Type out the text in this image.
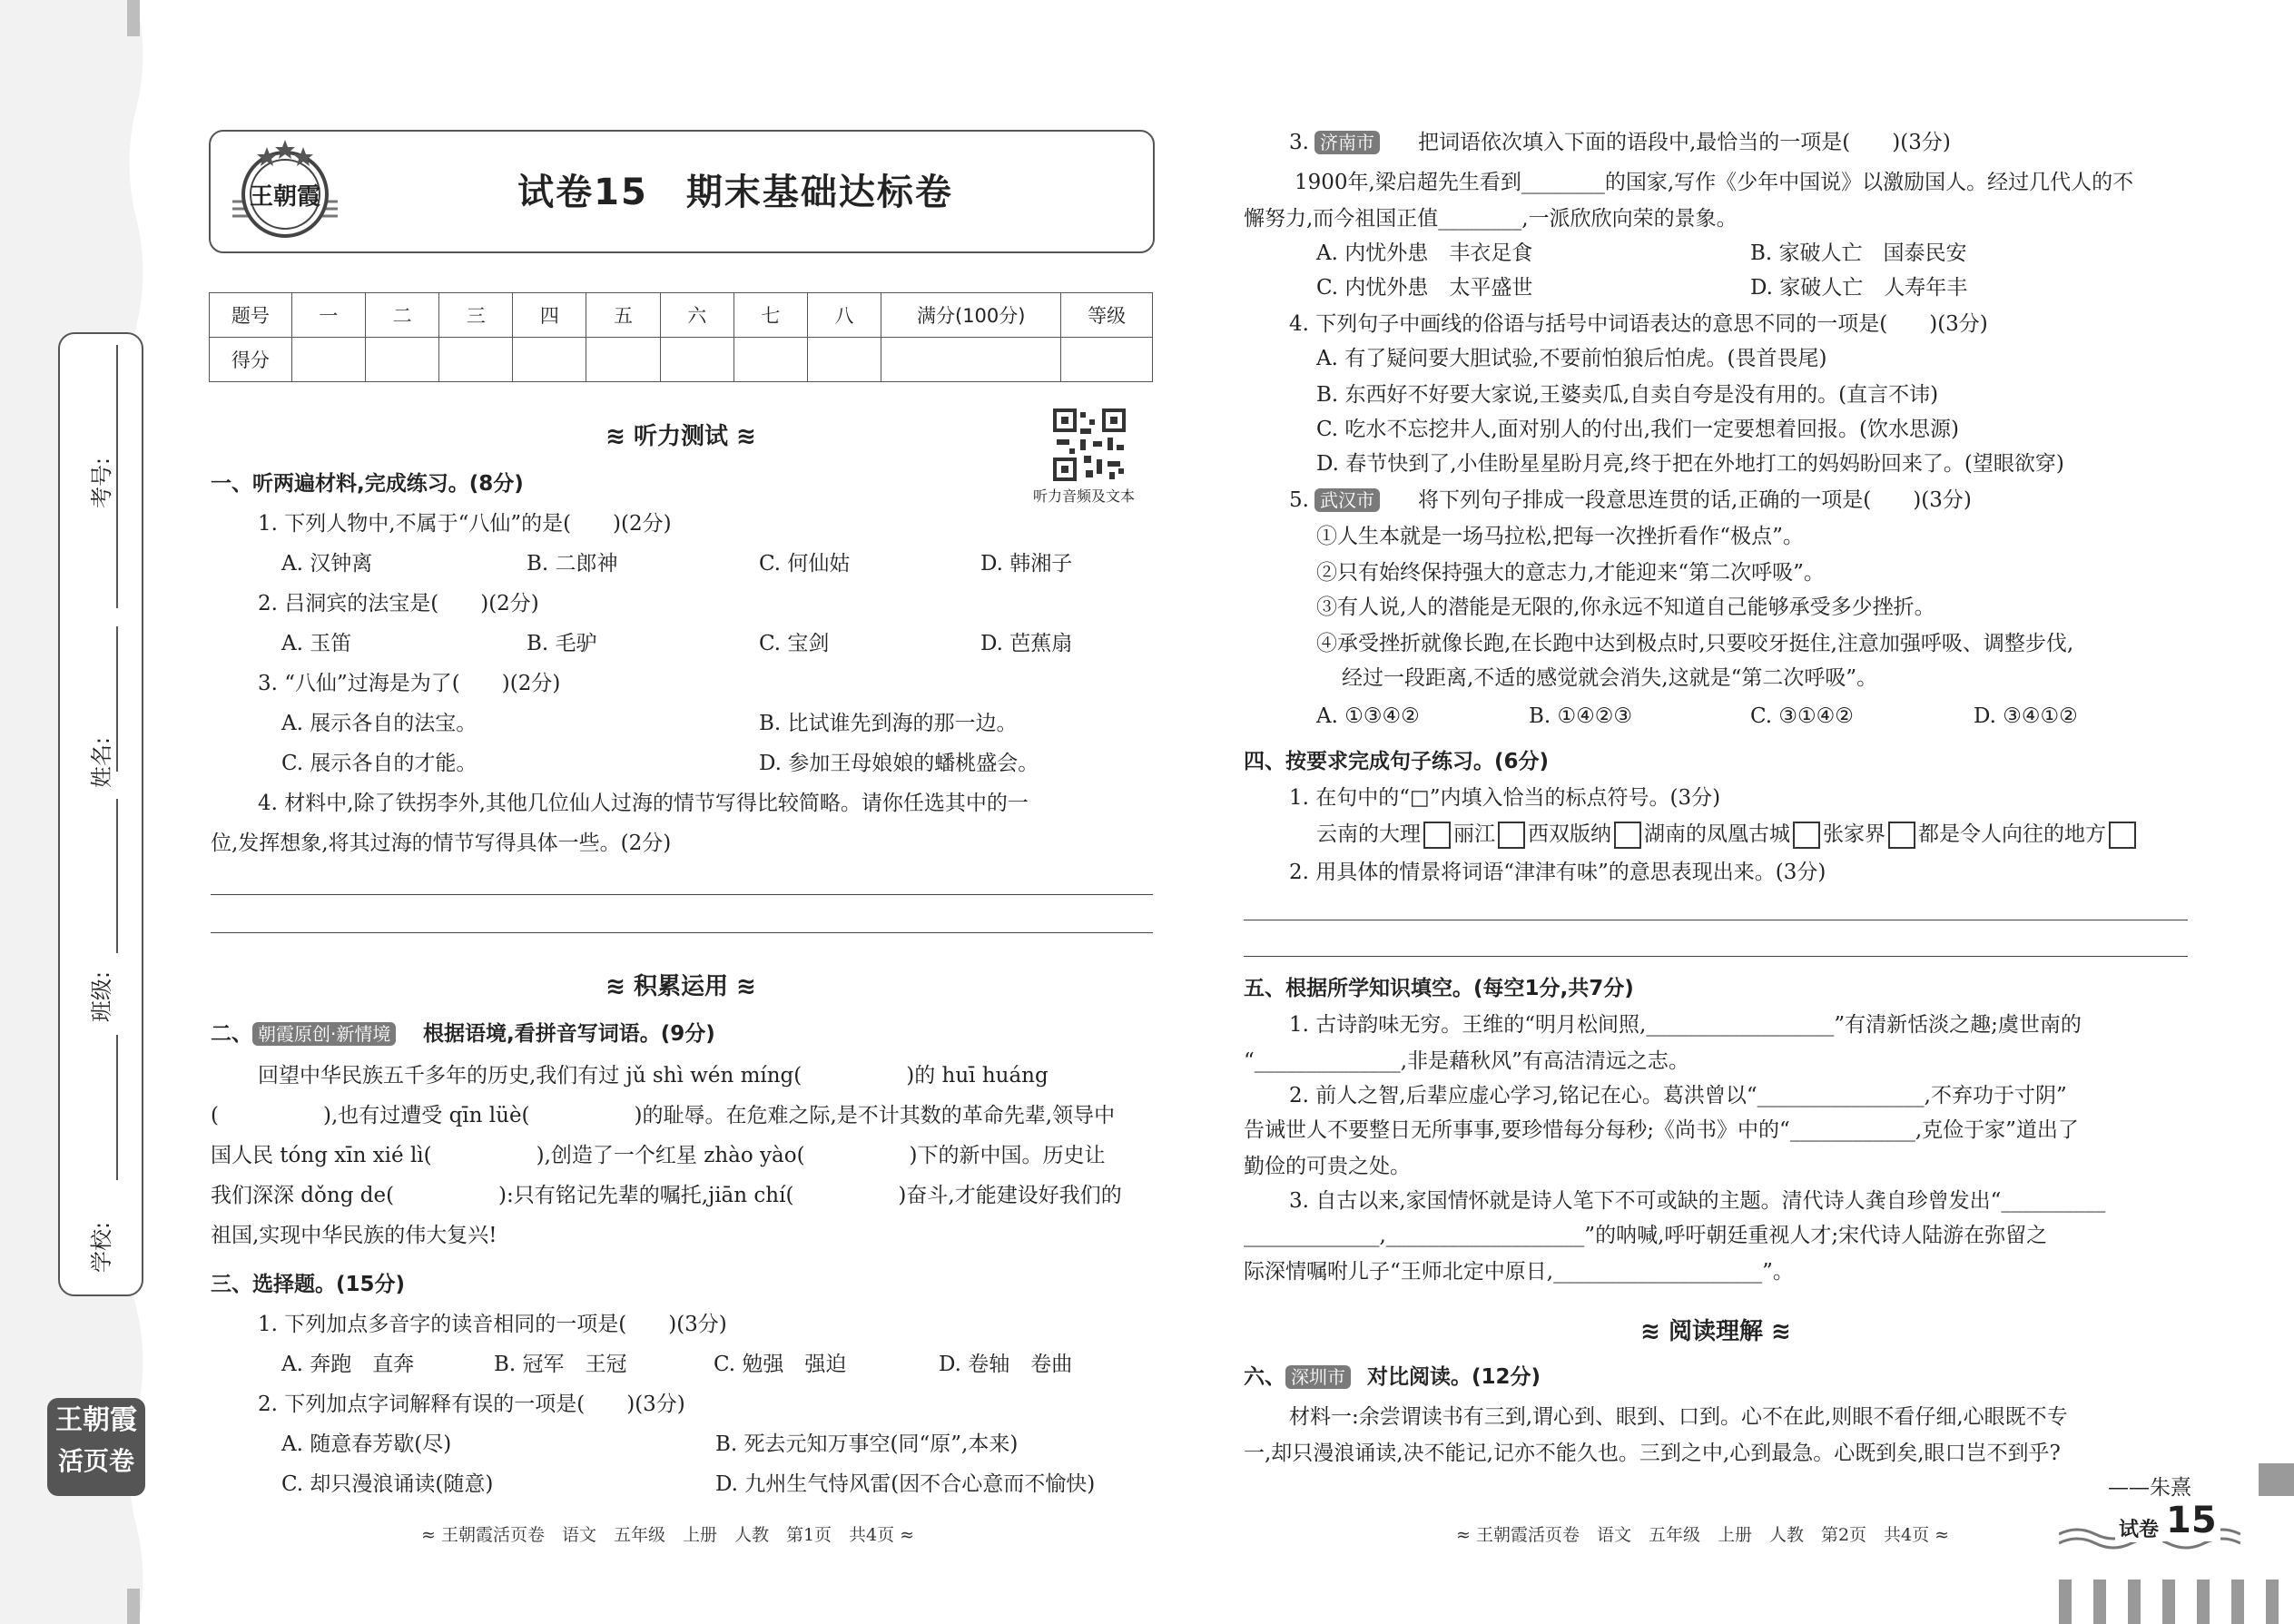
考号:
姓名:
班级:
学校:
王朝霞
活页卷
王朝霞	试卷15　期末基础达标卷
题号	一	二	三	四	五	六	七	八	满分(100分)	等级
得分										
≋ 听力测试 ≋
听力音频及文本
一、听两遍材料,完成练习。(8分)
1. 下列人物中,不属于“八仙”的是(　　)(2分)
A. 汉钟离	B. 二郎神	C. 何仙姑	D. 韩湘子
2. 吕洞宾的法宝是(　　)(2分)
A. 玉笛	B. 毛驴	C. 宝剑	D. 芭蕉扇
3. “八仙”过海是为了(　　)(2分)
A. 展示各自的法宝。	B. 比试谁先到海的那一边。
C. 展示各自的才能。	D. 参加王母娘娘的蟠桃盛会。
4. 材料中,除了铁拐李外,其他几位仙人过海的情节写得比较简略。请你任选其中的一
位,发挥想象,将其过海的情节写得具体一些。(2分)
≋ 积累运用 ≋
二、 朝霞原创·新情境	根据语境,看拼音写词语。(9分)
回望中华民族五千多年的历史,我们有过 jǔ shì wén míng(　　　　　)的 huī huáng
(　　　　　),也有过遭受 qīn lüè(　　　　　)的耻辱。在危难之际,是不计其数的革命先辈,领导中
国人民 tóng xīn xié lì(　　　　　),创造了一个红星 zhào yào(　　　　　)下的新中国。历史让
我们深深 dǒng de(　　　　　):只有铭记先辈的嘱托,jiān chí(　　　　　)奋斗,才能建设好我们的
祖国,实现中华民族的伟大复兴!
三、选择题。(15分)
1. 下列加点多音字的读音相同的一项是(　　)(3分)
A. 奔跑　直奔	B. 冠军　王冠	C. 勉强　强迫	D. 卷轴　卷曲
2. 下列加点字词解释有误的一项是(　　)(3分)
A. 随意春芳歇(尽)	B. 死去元知万事空(同“原”,本来)
C. 却只漫浪诵读(随意)	D. 九州生气恃风雷(因不合心意而不愉快)
≈ 王朝霞活页卷　语文　五年级　上册　人教　第1页　共4页 ≈
3. 济南市	把词语依次填入下面的语段中,最恰当的一项是(　　)(3分)
1900年,梁启超先生看到________的国家,写作《少年中国说》以激励国人。经过几代人的不
懈努力,而今祖国正值________,一派欣欣向荣的景象。
A. 内忧外患　丰衣足食	B. 家破人亡　国泰民安
C. 内忧外患　太平盛世	D. 家破人亡　人寿年丰
4. 下列句子中画线的俗语与括号中词语表达的意思不同的一项是(　　)(3分)
A. 有了疑问要大胆试验,不要前怕狼后怕虎。(畏首畏尾)
B. 东西好不好要大家说,王婆卖瓜,自卖自夸是没有用的。(直言不讳)
C. 吃水不忘挖井人,面对别人的付出,我们一定要想着回报。(饮水思源)
D. 春节快到了,小佳盼星星盼月亮,终于把在外地打工的妈妈盼回来了。(望眼欲穿)
5. 武汉市	将下列句子排成一段意思连贯的话,正确的一项是(　　)(3分)
①人生本就是一场马拉松,把每一次挫折看作“极点”。
②只有始终保持强大的意志力,才能迎来“第二次呼吸”。
③有人说,人的潜能是无限的,你永远不知道自己能够承受多少挫折。
④承受挫折就像长跑,在长跑中达到极点时,只要咬牙挺住,注意加强呼吸、调整步伐,
经过一段距离,不适的感觉就会消失,这就是“第二次呼吸”。
A. ①③④②	B. ①④②③	C. ③①④②	D. ③④①②
四、按要求完成句子练习。(6分)
1. 在句中的“□”内填入恰当的标点符号。(3分)
云南的大理 丽江 西双版纳 湖南的凤凰古城 张家界 都是令人向往的地方
2. 用具体的情景将词语“津津有味”的意思表现出来。(3分)
五、根据所学知识填空。(每空1分,共7分)
1. 古诗韵味无穷。王维的“明月松间照,__________________”有清新恬淡之趣;虞世南的
“______________,非是藉秋风”有高洁清远之志。
2. 前人之智,后辈应虚心学习,铭记在心。葛洪曾以“________________,不弃功于寸阴”
告诫世人不要整日无所事事,要珍惜每分每秒;《尚书》中的“____________,克俭于家”道出了
勤俭的可贵之处。
3. 自古以来,家国情怀就是诗人笔下不可或缺的主题。清代诗人龚自珍曾发出“__________
_____________,___________________”的呐喊,呼吁朝廷重视人才;宋代诗人陆游在弥留之
际深情嘱咐儿子“王师北定中原日,____________________”。
≋ 阅读理解 ≋
六、 深圳市	对比阅读。(12分)
材料一:余尝谓读书有三到,谓心到、眼到、口到。心不在此,则眼不看仔细,心眼既不专
一,却只漫浪诵读,决不能记,记亦不能久也。三到之中,心到最急。心既到矣,眼口岂不到乎?
——朱熹
≈ 王朝霞活页卷　语文　五年级　上册　人教　第2页　共4页 ≈	试卷 15
